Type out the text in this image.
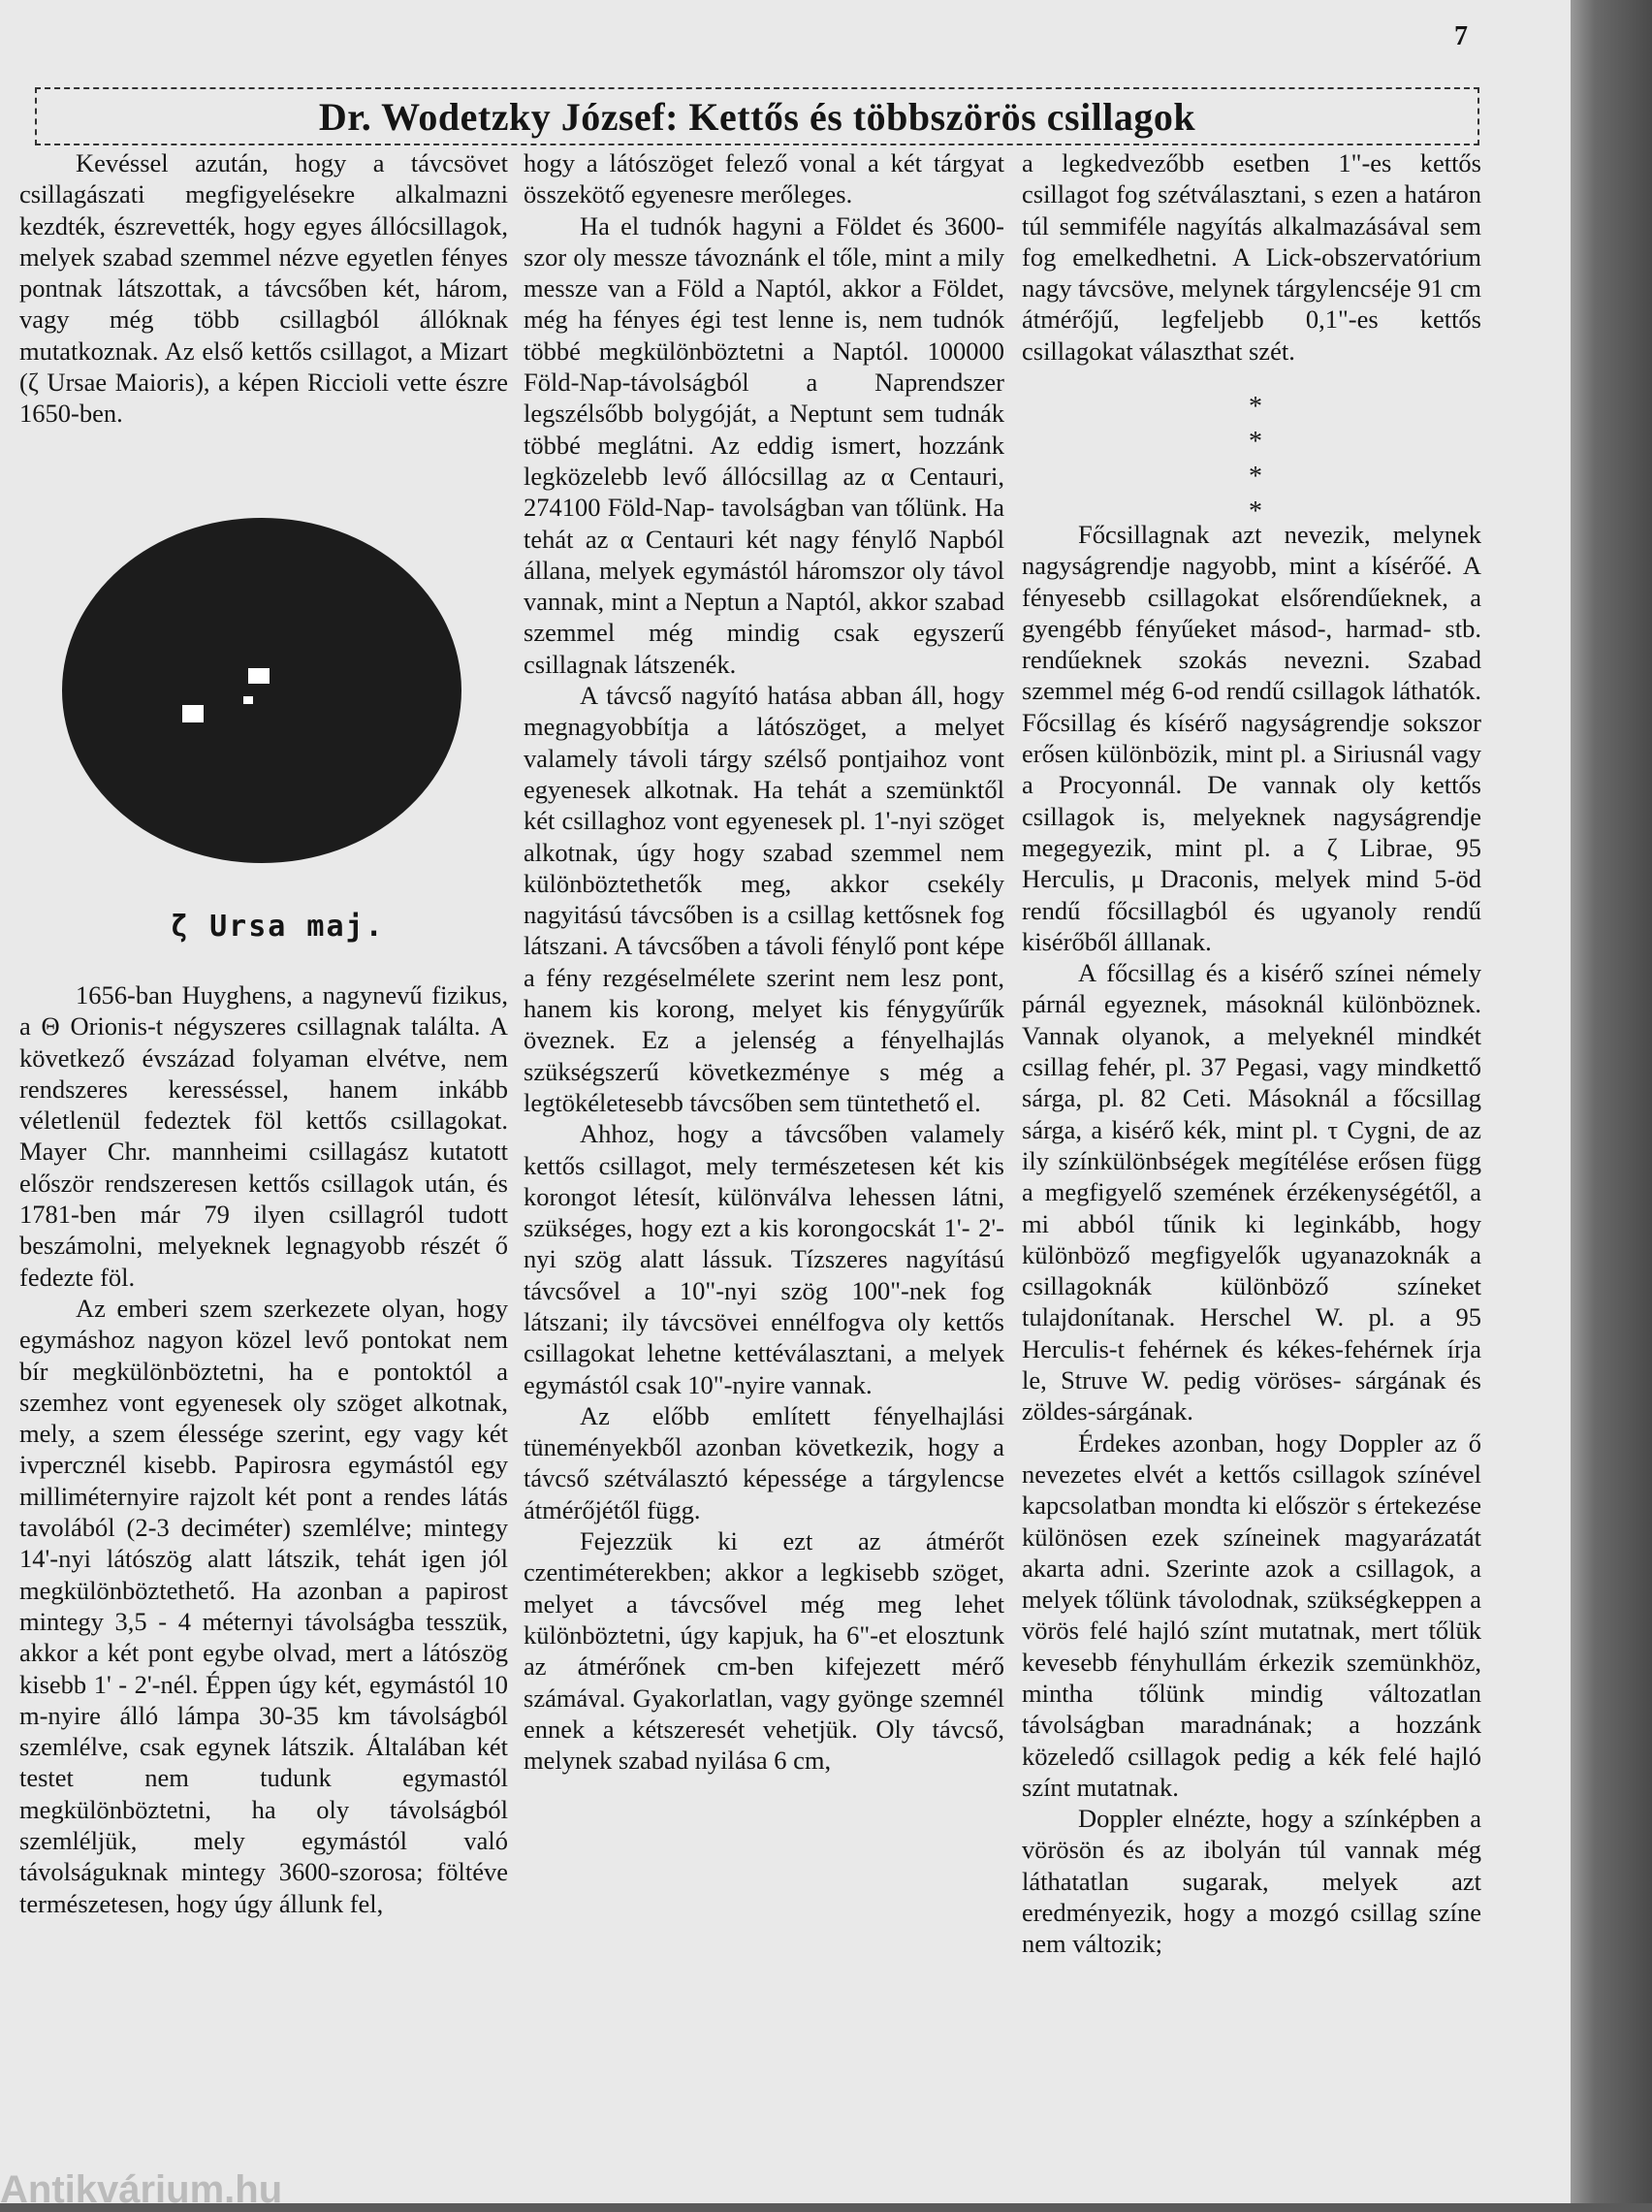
7
Dr. Wodetzky József: Kettős és többszörös csillagok

Kevéssel azután, hogy a távcsövet csillagászati megfigyelésekre alkalmazni kezdték, észrevették, hogy egyes állócsillagok, melyek szabad szemmel nézve egyetlen fényes pontnak látszottak, a távcsőben két, három, vagy még több csillagból állóknak mutatkoznak. Az első kettős csillagot, a Mizart (ζ Ursae Maioris), a képen Riccioli vette észre 1650-ben.

ζ Ursa maj.

1656-ban Huyghens, a nagynevű fizikus, a Θ Orionis-t négyszeres csillagnak találta. A következő évszázad folyaman elvétve, nem rendszeres keresséssel, hanem inkább véletlenül fedeztek föl kettős csillagokat. Mayer Chr. mannheimi csillagász kutatott először rendszeresen kettős csillagok után, és 1781-ben már 79 ilyen csillagról tudott beszámolni, melyeknek legnagyobb részét ő fedezte föl.

Az emberi szem szerkezete olyan, hogy egymáshoz nagyon közel levő pontokat nem bír megkülönböztetni, ha e pontoktól a szemhez vont egyenesek oly szöget alkotnak, mely, a szem élessége szerint, egy vagy két ivpercznél kisebb. Papirosra egymástól egy milliméternyire rajzolt két pont a rendes látás tavolából (2-3 deciméter) szemlélve; mintegy 14'-nyi látószög alatt látszik, tehát igen jól megkülönböztethető. Ha azonban a papirost mintegy 3,5 - 4 méternyi távolságba tesszük, akkor a két pont egybe olvad, mert a látószög kisebb 1' - 2'-nél. Éppen úgy két, egymástól 10 m-nyire álló lámpa 30-35 km távolságból szemlélve, csak egynek látszik. Általában két testet nem tudunk egymastól megkülönböztetni, ha oly távolságból szemléljük, mely egymástól való távolságuknak mintegy 3600-szorosa; föltéve természetesen, hogy úgy állunk fel,

hogy a látószöget felező vonal a két tárgyat összekötő egyenesre merőleges.

Ha el tudnók hagyni a Földet és 3600-szor oly messze távoznánk el tőle, mint a mily messze van a Föld a Naptól, akkor a Földet, még ha fényes égi test lenne is, nem tudnók többé megkülönböztetni a Naptól. 100000 Föld-Nap-távolságból a Naprendszer legszélsőbb bolygóját, a Neptunt sem tudnák többé meglátni. Az eddig ismert, hozzánk legközelebb levő állócsillag az α Centauri, 274100 Föld-Nap- tavolságban van tőlünk. Ha tehát az α Centauri két nagy fénylő Napból állana, melyek egymástól háromszor oly távol vannak, mint a Neptun a Naptól, akkor szabad szemmel még mindig csak egyszerű csillagnak látszenék.

A távcső nagyító hatása abban áll, hogy megnagyobbítja a látószöget, a melyet valamely távoli tárgy szélső pontjaihoz vont egyenesek alkotnak. Ha tehát a szemünktől két csillaghoz vont egyenesek pl. 1'-nyi szöget alkotnak, úgy hogy szabad szemmel nem különböztethetők meg, akkor csekély nagyitású távcsőben is a csillag kettősnek fog látszani. A távcsőben a távoli fénylő pont képe a fény rezgéselmélete szerint nem lesz pont, hanem kis korong, melyet kis fénygyűrűk öveznek. Ez a jelenség a fényelhajlás szükségszerű következménye s még a legtökéletesebb távcsőben sem tüntethető el.

Ahhoz, hogy a távcsőben valamely kettős csillagot, mely természetesen két kis korongot létesít, különválva lehessen látni, szükséges, hogy ezt a kis korongocskát 1'- 2'-nyi szög alatt lássuk. Tízszeres nagyítású távcsővel a 10"-nyi szög 100"-nek fog látszani; ily távcsövei ennélfogva oly kettős csillagokat lehetne kettéválasztani, a melyek egymástól csak 10"-nyire vannak.

Az előbb említett fényelhajlási tüneményekből azonban következik, hogy a távcső szétválasztó képessége a tárgylencse átmérőjétől függ.

Fejezzük ki ezt az átmérőt czentiméterekben; akkor a legkisebb szöget, melyet a távcsővel még meg lehet különböztetni, úgy kapjuk, ha 6"-et elosztunk az átmérőnek cm-ben kifejezett mérő számával. Gyakorlatlan, vagy gyönge szemnél ennek a kétszeresét vehetjük. Oly távcső, melynek szabad nyilása 6 cm,

a legkedvezőbb esetben 1"-es kettős csillagot fog szétválasztani, s ezen a határon túl semmiféle nagyítás alkalmazásával sem fog emelkedhetni. A Lick-obszervatórium nagy távcsöve, melynek tárgylencséje 91 cm átmérőjű, legfeljebb 0,1"-es kettős csillagokat választhat szét.

*
*
*
*

Főcsillagnak azt nevezik, melynek nagyságrendje nagyobb, mint a kísérőé. A fényesebb csillagokat elsőrendűeknek, a gyengébb fényűeket másod-, harmad- stb. rendűeknek szokás nevezni. Szabad szemmel még 6-od rendű csillagok láthatók. Főcsillag és kísérő nagyságrendje sokszor erősen különbözik, mint pl. a Siriusnál vagy a Procyonnál. De vannak oly kettős csillagok is, melyeknek nagyságrendje megegyezik, mint pl. a ζ Librae, 95 Herculis, μ Draconis, melyek mind 5-öd rendű főcsillagból és ugyanoly rendű kisérőből álllanak.

A főcsillag és a kisérő színei némely párnál egyeznek, másoknál különböznek. Vannak olyanok, a melyeknél mindkét csillag fehér, pl. 37 Pegasi, vagy mindkettő sárga, pl. 82 Ceti. Másoknál a főcsillag sárga, a kisérő kék, mint pl. τ Cygni, de az ily színkülönbségek megítélése erősen függ a megfigyelő szemének érzékenységétől, a mi abból tűnik ki leginkább, hogy különböző megfigyelők ugyanazoknák a csillagoknák különböző színeket tulajdonítanak. Herschel W. pl. a 95 Herculis-t fehérnek és kékes-fehérnek írja le, Struve W. pedig vöröses- sárgának és zöldes-sárgának.

Érdekes azonban, hogy Doppler az ő nevezetes elvét a kettős csillagok színével kapcsolatban mondta ki először s értekezése különösen ezek színeinek magyarázatát akarta adni. Szerinte azok a csillagok, a melyek tőlünk távolodnak, szükségkeppen a vörös felé hajló színt mutatnak, mert tőlük kevesebb fényhullám érkezik szemünkhöz, mintha tőlünk mindig változatlan távolságban maradnának; a hozzánk közeledő csillagok pedig a kék felé hajló színt mutatnak.

Doppler elnézte, hogy a színképben a vörösön és az ibolyán túl vannak még láthatatlan sugarak, melyek azt eredményezik, hogy a mozgó csillag színe nem változik;

Antikvárium.hu
